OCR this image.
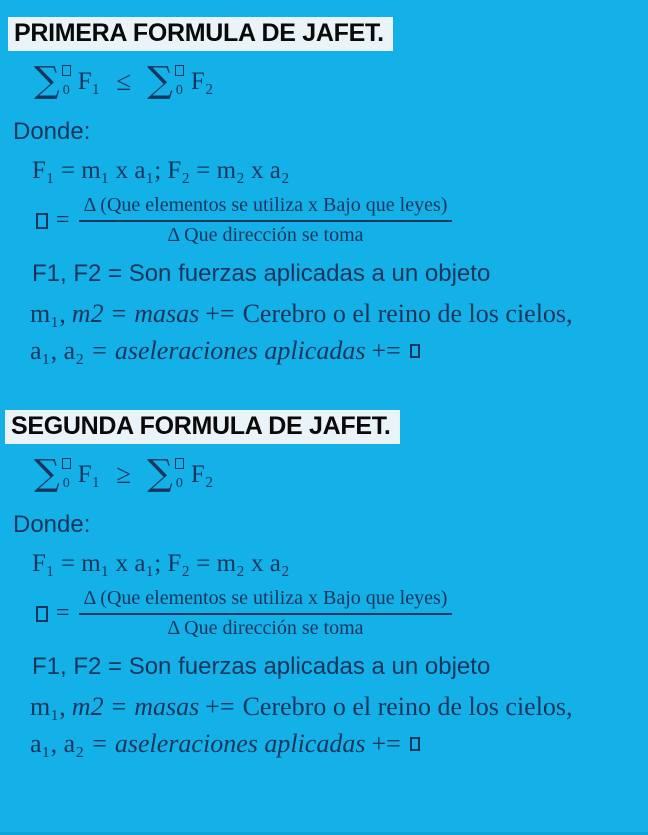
PRIMERA FORMULA DE JAFET.
∑ 0 F₁ ≤ ∑ 0 F₂
Donde:
F₁ = m₁ x a₁; F₂ = m₂ x a₂
= $\frac{\text{Δ (Que elementos se utiliza x Bajo que leyes)}}{\text{Δ Que dirección se toma}}$
F1, F2 = Son fuerzas aplicadas a un objeto
m₁, m2 = masas += Cerebro o el reino de los cielos,
a₁, a₂ = aseleraciones aplicadas +=
SEGUNDA FORMULA DE JAFET.
∑ 0 F₁ ≥ ∑ 0 F₂
Donde:
F₁ = m₁ x a₁; F₂ = m₂ x a₂
= $\frac{\text{Δ (Que elementos se utiliza x Bajo que leyes)}}{\text{Δ Que dirección se toma}}$
F1, F2 = Son fuerzas aplicadas a un objeto
m₁, m2 = masas += Cerebro o el reino de los cielos,
a₁, a₂ = aseleraciones aplicadas +=
